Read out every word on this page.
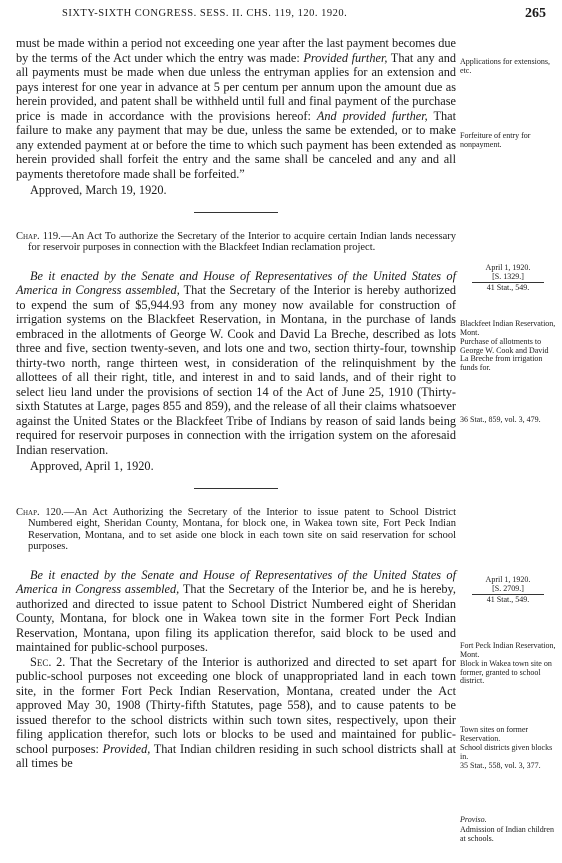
SIXTY-SIXTH CONGRESS. SESS. II. CHS. 119, 120. 1920.	265

must be made within a period not exceeding one year after the last payment becomes due by the terms of the Act under which the entry was made: Provided further, That any and all payments must be made when due unless the entryman applies for an extension and pays interest for one year in advance at 5 per centum per annum upon the amount due as herein provided, and patent shall be withheld until full and final payment of the purchase price is made in accordance with the provisions hereof: And provided further, That failure to make any payment that may be due, unless the same be extended, or to make any extended payment at or before the time to which such payment has been extended as herein provided shall forfeit the entry and the same shall be canceled and any and all payments theretofore made shall be forfeited.”

Approved, March 19, 1920.

Chap. 119.—An Act To authorize the Secretary of the Interior to acquire certain Indian lands necessary for reservoir purposes in connection with the Blackfeet Indian reclamation project.

Be it enacted by the Senate and House of Representatives of the United States of America in Congress assembled, That the Secretary of the Interior is hereby authorized to expend the sum of $5,944.93 from any money now available for construction of irrigation systems on the Blackfeet Reservation, in Montana, in the purchase of lands embraced in the allotments of George W. Cook and David La Breche, described as lots three and five, section twenty-seven, and lots one and two, section thirty-four, township thirty-two north, range thirteen west, in consideration of the relinquishment by the allottees of all their right, title, and interest in and to said lands, and of their right to select lieu land under the provisions of section 14 of the Act of June 25, 1910 (Thirty-sixth Statutes at Large, pages 855 and 859), and the release of all their claims whatsoever against the United States or the Blackfeet Tribe of Indians by reason of said lands being required for reservoir purposes in connection with the irrigation system on the aforesaid Indian reservation.

Approved, April 1, 1920.

Chap. 120.—An Act Authorizing the Secretary of the Interior to issue patent to School District Numbered eight, Sheridan County, Montana, for block one, in Wakea town site, Fort Peck Indian Reservation, Montana, and to set aside one block in each town site on said reservation for school purposes.

Be it enacted by the Senate and House of Representatives of the United States of America in Congress assembled, That the Secretary of the Interior be, and he is hereby, authorized and directed to issue patent to School District Numbered eight of Sheridan County, Montana, for block one in Wakea town site in the former Fort Peck Indian Reservation, Montana, upon filing its application therefor, said block to be used and maintained for public-school purposes.

Sec. 2. That the Secretary of the Interior is authorized and directed to set apart for public-school purposes not exceeding one block of unappropriated land in each town site, in the former Fort Peck Indian Reservation, Montana, created under the Act approved May 30, 1908 (Thirty-fifth Statutes, page 558), and to cause patents to be issued therefor to the school districts within such town sites, respectively, upon their filing application therefor, such lots or blocks to be used and maintained for public-school purposes: Provided, That Indian children residing in such school districts shall at all times be

Applications for extensions, etc.
Forfeiture of entry for nonpayment.
April 1, 1920.
[S. 1329.]
41 Stat., 549.
Blackfeet Indian Reservation, Mont.
Purchase of allotments to George W. Cook and David La Breche from irrigation funds for.
36 Stat., 859, vol. 3, 479.
April 1, 1920.
[S. 2709.]
41 Stat., 549.
Fort Peck Indian Reservation, Mont.
Block in Wakea town site on former, granted to school district.
Town sites on former Reservation.
School districts given blocks in.
35 Stat., 558, vol. 3, 377.
Proviso.
Admission of Indian children at schools.
